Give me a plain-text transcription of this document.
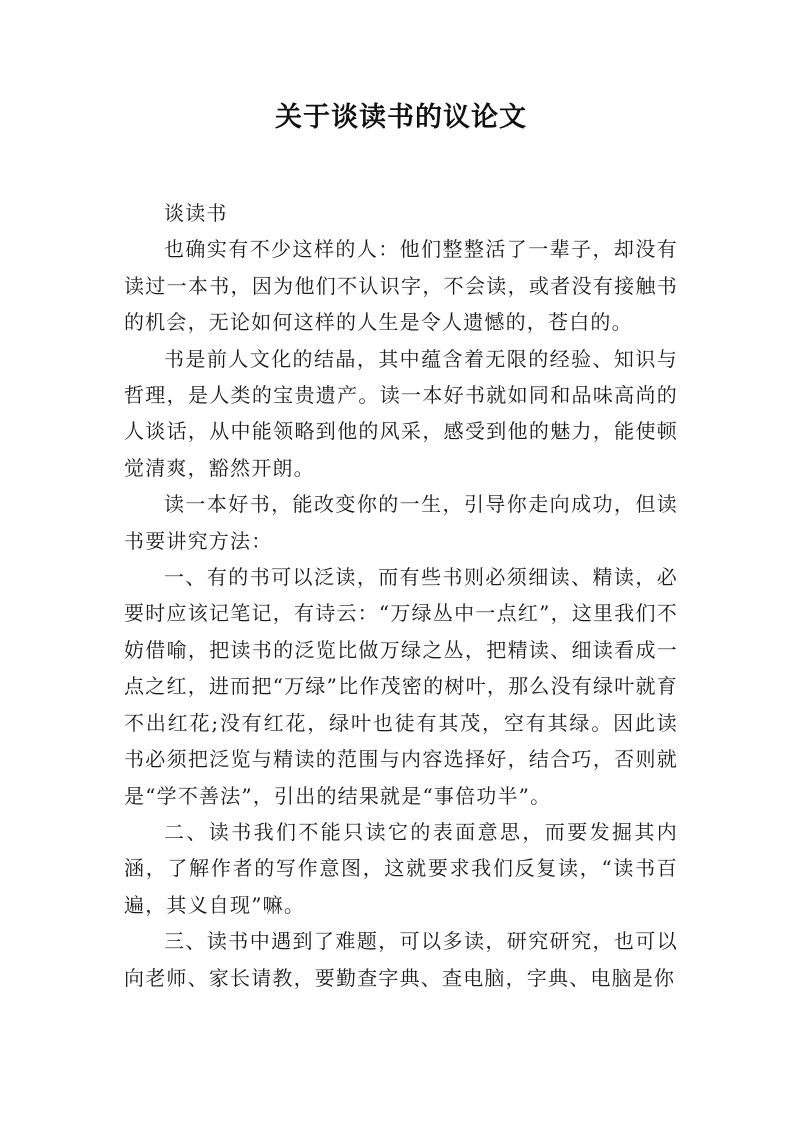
关于谈读书的议论文

谈读书

也确实有不少这样的人：他们整整活了一辈子，却没有读过一本书，因为他们不认识字，不会读，或者没有接触书的机会，无论如何这样的人生是令人遗憾的，苍白的。

书是前人文化的结晶，其中蕴含着无限的经验、知识与哲理，是人类的宝贵遗产。读一本好书就如同和品味高尚的人谈话，从中能领略到他的风采，感受到他的魅力，能使顿觉清爽，豁然开朗。

读一本好书，能改变你的一生，引导你走向成功，但读书要讲究方法：

一、有的书可以泛读，而有些书则必须细读、精读，必要时应该记笔记，有诗云：“万绿丛中一点红”，这里我们不妨借喻，把读书的泛览比做万绿之丛，把精读、细读看成一点之红，进而把“万绿”比作茂密的树叶，那么没有绿叶就育不出红花;没有红花，绿叶也徒有其茂，空有其绿。因此读书必须把泛览与精读的范围与内容选择好，结合巧，否则就是“学不善法”，引出的结果就是“事倍功半”。

二、读书我们不能只读它的表面意思，而要发掘其内涵，了解作者的写作意图，这就要求我们反复读，“读书百遍，其义自现”嘛。

三、读书中遇到了难题，可以多读，研究研究，也可以向老师、家长请教，要勤查字典、查电脑，字典、电脑是你
